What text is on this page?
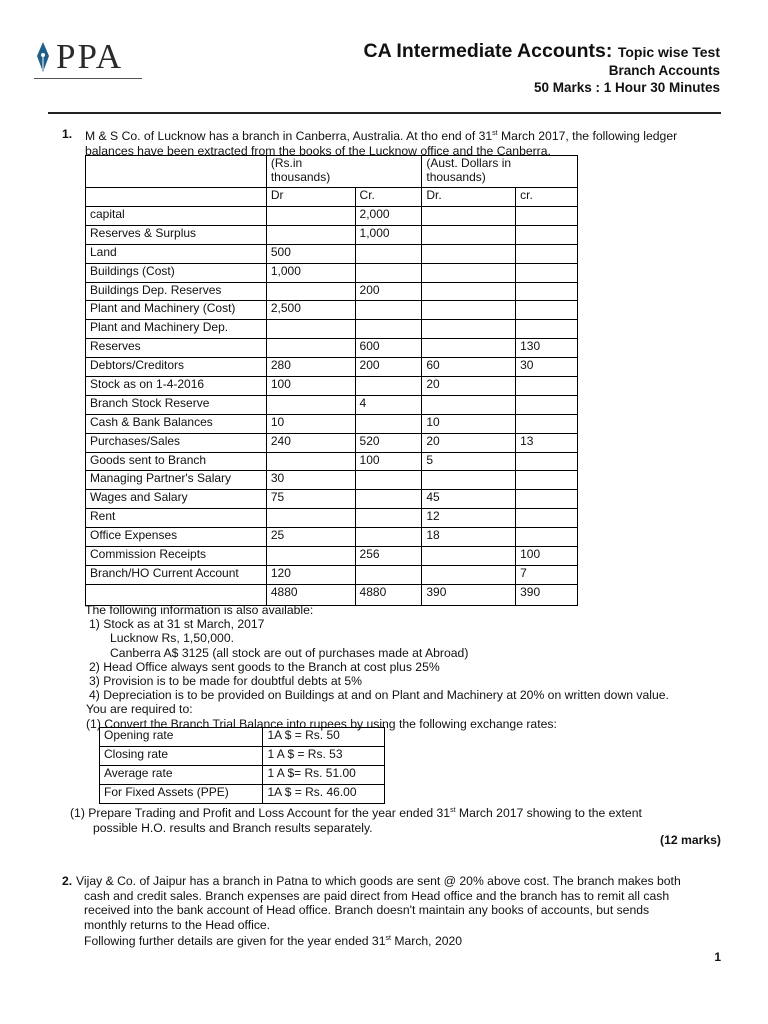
PPA	CA Intermediate Accounts: Topic wise Test
Branch Accounts
50 Marks : 1 Hour 30 Minutes
1. M & S Co. of Lucknow has a branch in Canberra, Australia. At tho end of 31st March 2017, the following ledger
balances have been extracted from the books of the Lucknow office and the Canberra.

	(Rs.in thousands)		(Aust. Dollars in thousands)	

	Dr	Cr.	Dr.	cr.
capital		2,000		
Reserves & Surplus		1,000		
Land	500			
Buildings (Cost)	1,000			
Buildings Dep. Reserves		200		
Plant and Machinery (Cost)	2,500			
Plant and Machinery Dep.				
Reserves		600		130
Debtors/Creditors	280	200	60	30
Stock as on 1-4-2016	100		20	
Branch Stock Reserve		4		
Cash & Bank Balances	10		10	
Purchases/Sales	240	520	20	13
Goods sent to Branch		100	5	
Managing Partner's Salary	30			
Wages and Salary	75		45	
Rent			12	
Office Expenses	25		18	
Commission Receipts		256		100
Branch/HO Current Account	120			7
	4880	4880	390	390
The following information is also available:
1) Stock as at 31 st March, 2017
Lucknow Rs, 1,50,000.
Canberra A$ 3125 (all stock are out of purchases made at Abroad)
2) Head Office always sent goods to the Branch at cost plus 25%
3) Provision is to be made for doubtful debts at 5%
4) Depreciation is to be provided on Buildings at and on Plant and Machinery at 20% on written down value.
You are required to:
(1) Convert the Branch Trial Balance into rupees by using the following exchange rates:
Opening rate	1A $ = Rs. 50
Closing rate	1 A $ = Rs. 53
Average rate	1 A $= Rs. 51.00
For Fixed Assets (PPE)	1A $ = Rs. 46.00
(1) Prepare Trading and Profit and Loss Account for the year ended 31st March 2017 showing to the extent
possible H.O. results and Branch results separately.
(12 marks)
2. Vijay & Co. of Jaipur has a branch in Patna to which goods are sent @ 20% above cost. The branch makes both
cash and credit sales. Branch expenses are paid direct from Head office and the branch has to remit all cash
received into the bank account of Head office. Branch doesn't maintain any books of accounts, but sends
monthly returns to the Head office.
Following further details are given for the year ended 31st March, 2020
1
